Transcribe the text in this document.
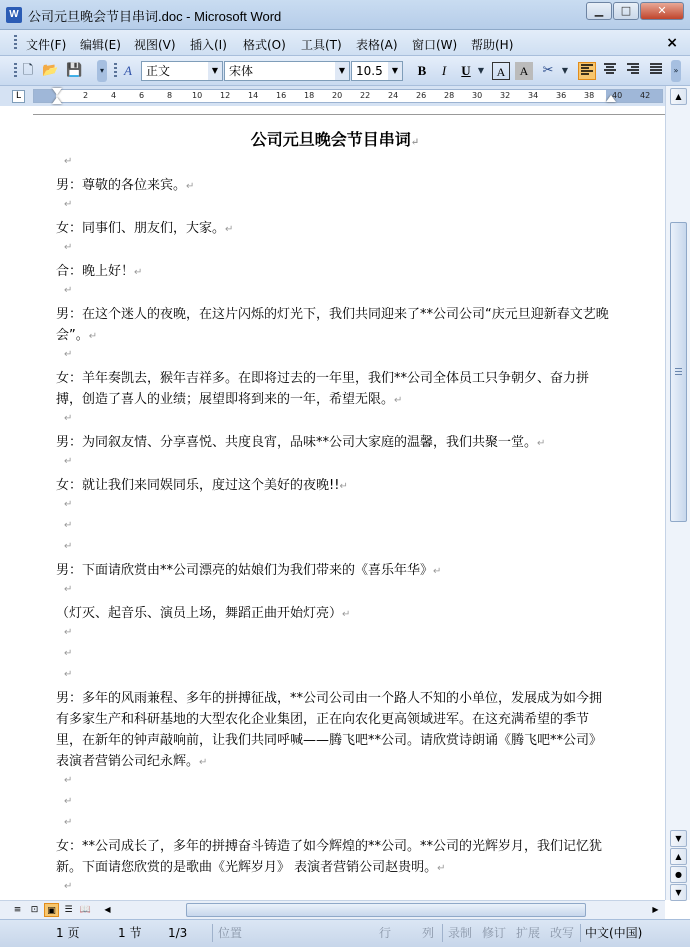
W 公司元旦晚会节目串词.doc - Microsoft Word	▁	□	✕
文件(F) 编辑(E) 视图(V) 插入(I) 格式(O) 工具(T) 表格(A) 窗口(W) 帮助(H)	×
🗋 📂 💾	▾	A	正文	▼ 宋体	▼ 10.5	▼	B	I	U ▼	A	A	✂	▼	»
L	2	4	6	8 10 12 14 16 18 20 22 24 26 28 30 32 34 36 38 40 42
公司元旦晚会节目串词↵
↵
男：尊敬的各位来宾。↵
↵
女：同事们、朋友们，大家。↵
↵
合：晚上好！↵
↵
男：在这个迷人的夜晚，在这片闪烁的灯光下，我们共同迎来了**公司公司“庆元旦迎新春文艺晚会”。↵
↵
女：羊年奏凯去，猴年吉祥多。在即将过去的一年里，我们**公司全体员工只争朝夕、奋力拼搏，创造了喜人的业绩；展望即将到来的一年，希望无限。↵
↵
男：为同叙友情、分享喜悦、共度良宵，品味**公司大家庭的温馨，我们共聚一堂。↵
↵
女：就让我们来同娱同乐，度过这个美好的夜晚!!↵
↵
↵
↵
男：下面请欣赏由**公司漂亮的姑娘们为我们带来的《喜乐年华》↵
↵
（灯灭、起音乐、演员上场，舞蹈正曲开始灯亮）↵
↵
↵
↵
男：多年的风雨兼程、多年的拼搏征战，**公司公司由一个路人不知的小单位，发展成为如今拥有多家生产和科研基地的大型农化企业集团，正在向农化更高领域进军。在这充满希望的季节里，在新年的钟声敲响前，让我们共同呼喊——腾飞吧**公司。请欣赏诗朗诵《腾飞吧**公司》 表演者营销公司纪永辉。↵
↵
↵
↵
女：**公司成长了，多年的拼搏奋斗铸造了如今辉煌的**公司。**公司的光辉岁月，我们记忆犹新。下面请您欣赏的是歌曲《光辉岁月》 表演者营销公司赵贵明。↵
↵
▲
▼
▲
●
▼
≡	⊡ ▣ ☰ 📖	◀	▶
1 页	1 节 1/3	位置	行	列 录制 修订 扩展 改写 中文(中国)
